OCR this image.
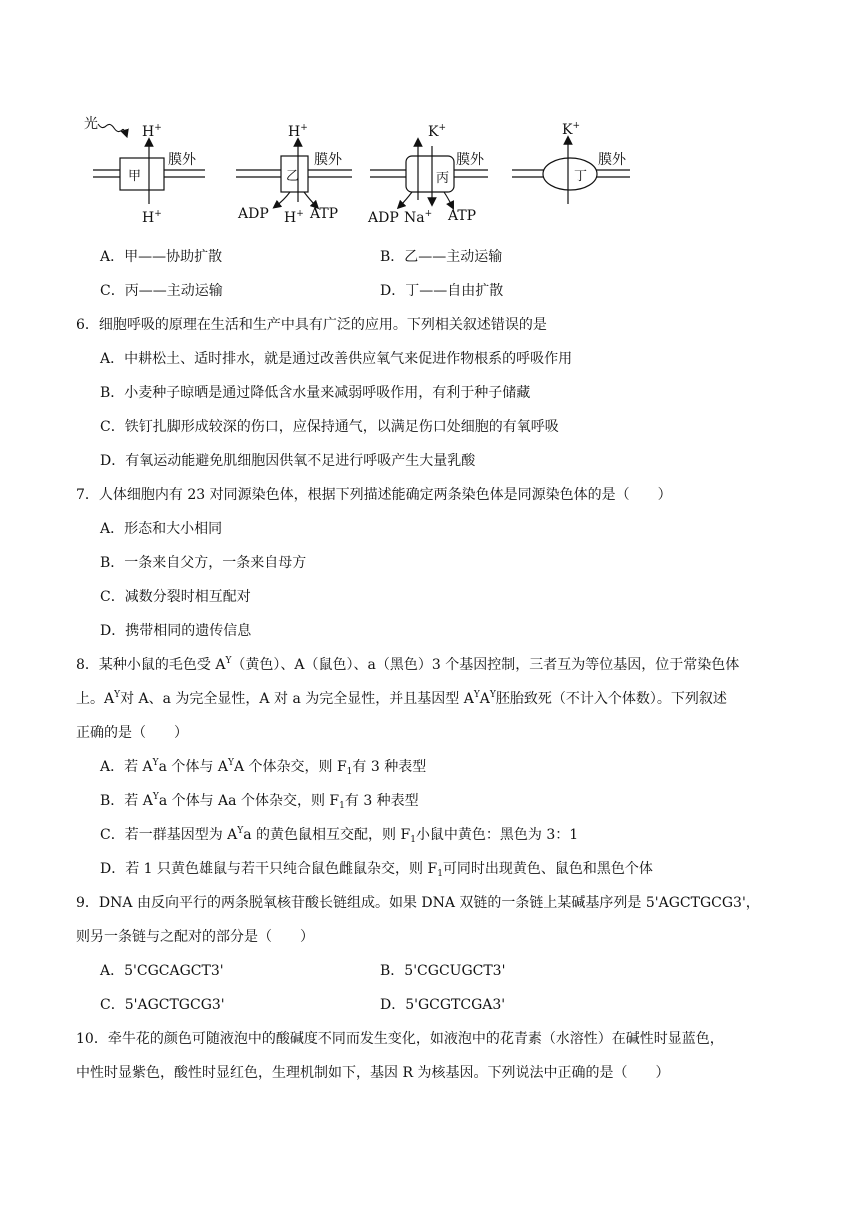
光
甲
H+
H+
膜外
乙
H+
膜外
ADP H+ ATP
丙
K+
膜外
ADP Na+ ATP
丁
K+
膜外
A．甲——协助扩散	B．乙——主动运输
C．丙——主动运输	D．丁——自由扩散
6．细胞呼吸的原理在生活和生产中具有广泛的应用。下列相关叙述错误的是
A．中耕松土、适时排水，就是通过改善供应氧气来促进作物根系的呼吸作用
B．小麦种子晾晒是通过降低含水量来减弱呼吸作用，有利于种子储藏
C．铁钉扎脚形成较深的伤口，应保持通气，以满足伤口处细胞的有氧呼吸
D．有氧运动能避免肌细胞因供氧不足进行呼吸产生大量乳酸
7．人体细胞内有 23 对同源染色体，根据下列描述能确定两条染色体是同源染色体的是（　　）
A．形态和大小相同
B．一条来自父方，一条来自母方
C．减数分裂时相互配对
D．携带相同的遗传信息
8．某种小鼠的毛色受 $A^Y$（黄色）、A（鼠色）、a（黑色）3 个基因控制，三者互为等位基因，位于常染色体
上。$A^Y$对 A、a 为完全显性，A 对 a 为完全显性，并且基因型 $A^YA^Y$胚胎致死（不计入个体数）。下列叙述
正确的是（　　）
A．若 $A^Ya$ 个体与 $A^YA$ 个体杂交，则 $F_1$有 3 种表型
B．若 $A^Ya$ 个体与 Aa 个体杂交，则 $F_1$有 3 种表型
C．若一群基因型为 $A^Ya$ 的黄色鼠相互交配，则 $F_1$小鼠中黄色：黑色为 3：1
D．若 1 只黄色雄鼠与若干只纯合鼠色雌鼠杂交，则 $F_1$可同时出现黄色、鼠色和黑色个体
9．DNA 由反向平行的两条脱氧核苷酸长链组成。如果 DNA 双链的一条链上某碱基序列是 5'AGCTGCG3'，
则另一条链与之配对的部分是（　　）
A．5'CGCAGCT3'	B．5'CGCUGCT3'
C．5'AGCTGCG3'	D．5'GCGTCGA3'
10．牵牛花的颜色可随液泡中的酸碱度不同而发生变化，如液泡中的花青素（水溶性）在碱性时显蓝色，
中性时显紫色，酸性时显红色，生理机制如下，基因 R 为核基因。下列说法中正确的是（　　）
